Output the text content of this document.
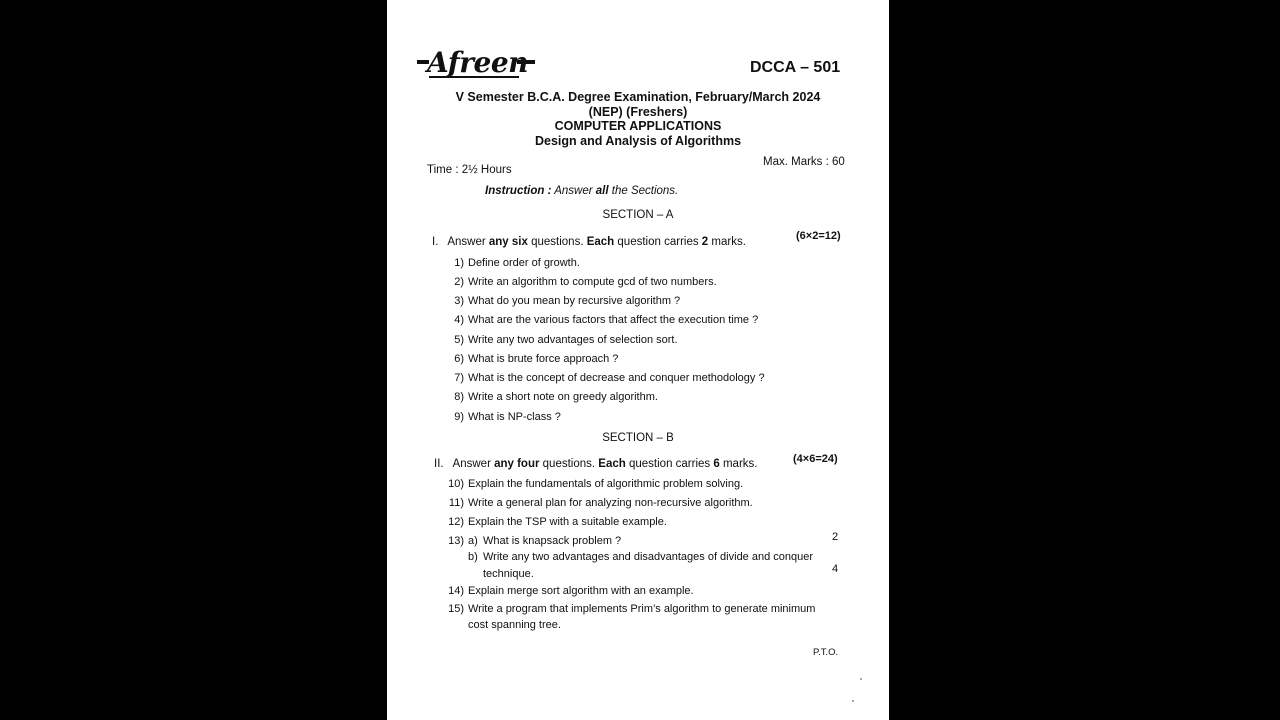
Afreen	DCCA – 501
V Semester B.C.A. Degree Examination, February/March 2024
(NEP) (Freshers)
COMPUTER APPLICATIONS
Design and Analysis of Algorithms
Time : 2½ Hours
Max. Marks : 60
Instruction : Answer all the Sections.
SECTION – A
I. Answer any six questions. Each question carries 2 marks.	(6×2=12)
1) Define order of growth.
2) Write an algorithm to compute gcd of two numbers.
3) What do you mean by recursive algorithm ?
4) What are the various factors that affect the execution time ?
5) Write any two advantages of selection sort.
6) What is brute force approach ?
7) What is the concept of decrease and conquer methodology ?
8) Write a short note on greedy algorithm.
9) What is NP-class ?
SECTION – B
II. Answer any four questions. Each question carries 6 marks.	(4×6=24)
10) Explain the fundamentals of algorithmic problem solving.
11) Write a general plan for analyzing non-recursive algorithm.
12) Explain the TSP with a suitable example.
13) a) What is knapsack problem ?	2
b) Write any two advantages and disadvantages of divide and conquer
technique.	4
14) Explain merge sort algorithm with an example.
15) Write a program that implements Prim’s algorithm to generate minimum
cost spanning tree.
P.T.O.
